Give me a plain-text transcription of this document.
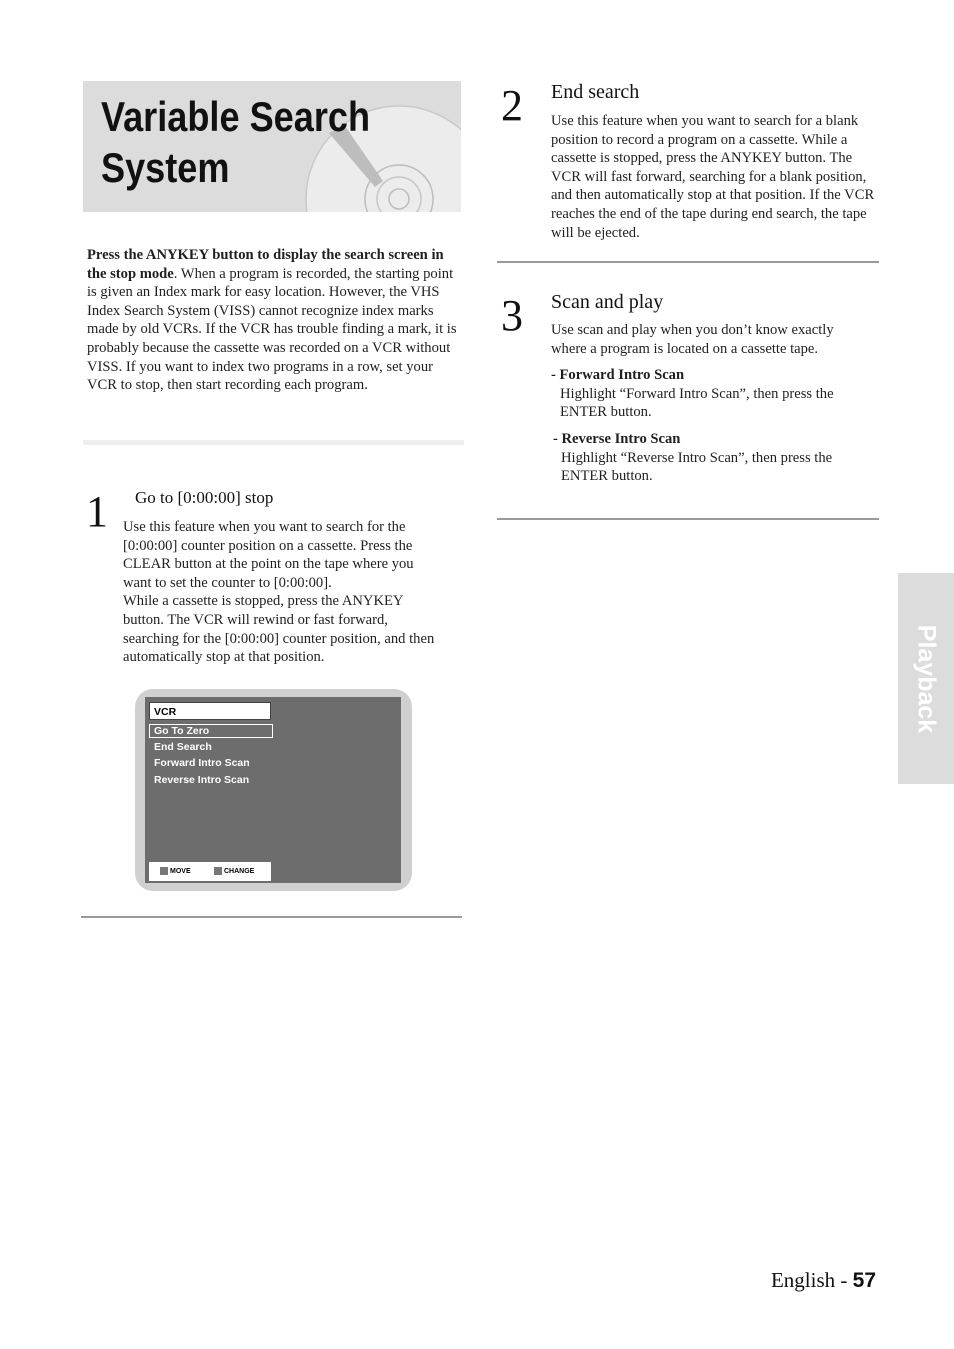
Variable Search
System
Press the ANYKEY button to display the search screen in the stop mode. When a program is recorded, the starting point is given an Index mark for easy location. However, the VHS Index Search System (VISS) cannot recognize index marks made by old VCRs. If the VCR has trouble finding a mark, it is probably because the cassette was recorded on a VCR without VISS. If you want to index two programs in a row, set your VCR to stop, then start recording each program.
1 Go to [0:00:00] stop
Use this feature when you want to search for the [0:00:00] counter position on a cassette. Press the CLEAR button at the point on the tape where you want to set the counter to [0:00:00].
While a cassette is stopped, press the ANYKEY button. The VCR will rewind or fast forward, searching for the [0:00:00] counter position, and then automatically stop at that position.
VCR
Go To Zero
End Search
Forward Intro Scan
Reverse Intro Scan
MOVE	CHANGE
2 End search
Use this feature when you want to search for a blank position to record a program on a cassette. While a cassette is stopped, press the ANYKEY button. The VCR will fast forward, searching for a blank position, and then automatically stop at that position. If the VCR reaches the end of the tape during end search, the tape will be ejected.
3 Scan and play
Use scan and play when you don’t know exactly where a program is located on a cassette tape.
- Forward Intro Scan
Highlight “Forward Intro Scan”, then press the ENTER button.
- Reverse Intro Scan
Highlight “Reverse Intro Scan”, then press the ENTER button.
Playback
English - 57
